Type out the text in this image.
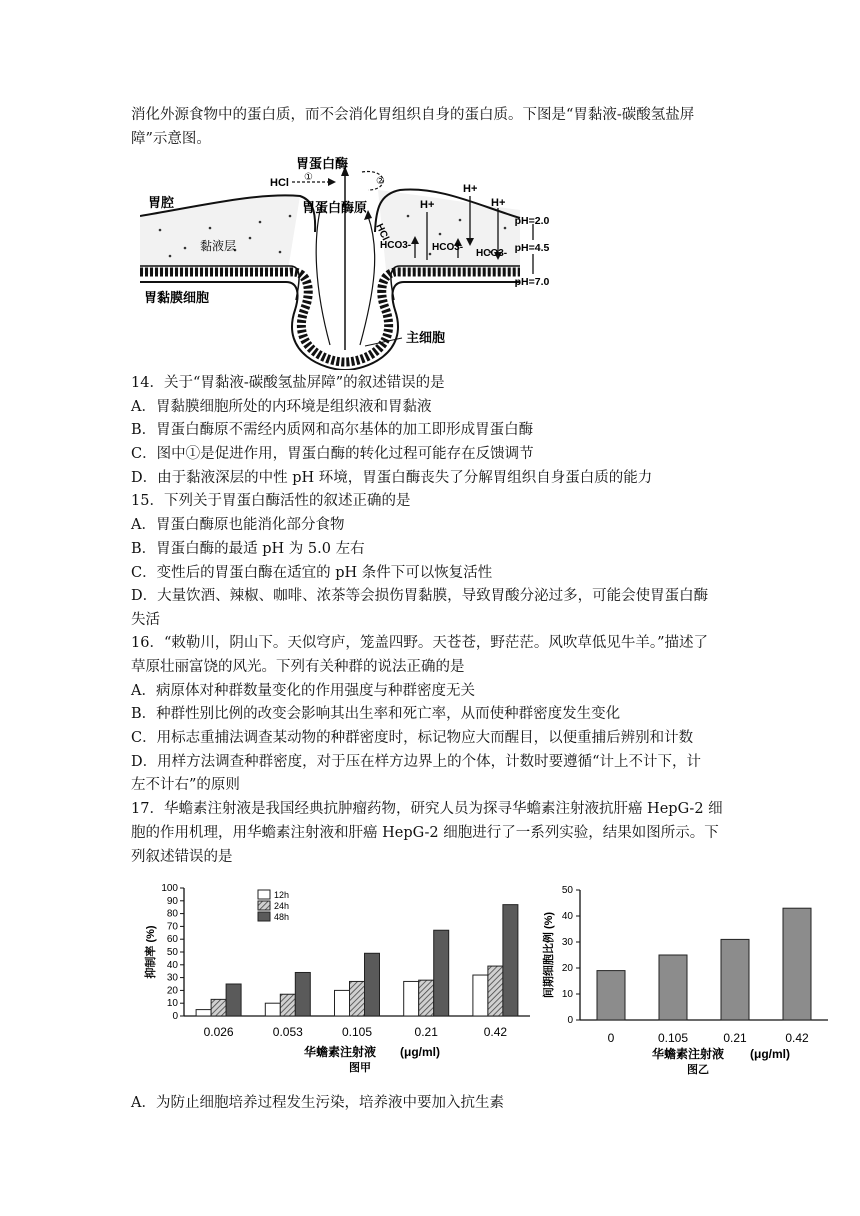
消化外源食物中的蛋白质，而不会消化胃组织自身的蛋白质。下图是“胃黏液-碳酸氢盐屏
障”示意图。
胃蛋白酶
HCl ①	②
胃蛋白酶原
胃腔
黏液层
胃黏膜细胞
主细胞
HCl
H+
H+
H+
HCO3- HCO3-
HCO3-
pH=2.0
pH=4.5
pH=7.0
14．关于“胃黏液-碳酸氢盐屏障”的叙述错误的是
A．胃黏膜细胞所处的内环境是组织液和胃黏液
B．胃蛋白酶原不需经内质网和高尔基体的加工即形成胃蛋白酶
C．图中①是促进作用，胃蛋白酶的转化过程可能存在反馈调节
D．由于黏液深层的中性 pH 环境，胃蛋白酶丧失了分解胃组织自身蛋白质的能力
15．下列关于胃蛋白酶活性的叙述正确的是
A．胃蛋白酶原也能消化部分食物
B．胃蛋白酶的最适 pH 为 5.0 左右
C．变性后的胃蛋白酶在适宜的 pH 条件下可以恢复活性
D．大量饮酒、辣椒、咖啡、浓茶等会损伤胃黏膜，导致胃酸分泌过多，可能会使胃蛋白酶
失活
16．“敕勒川，阴山下。天似穹庐，笼盖四野。天苍苍，野茫茫。风吹草低见牛羊。”描述了
草原壮丽富饶的风光。下列有关种群的说法正确的是
A．病原体对种群数量变化的作用强度与种群密度无关
B．种群性别比例的改变会影响其出生率和死亡率，从而使种群密度发生变化
C．用标志重捕法调查某动物的种群密度时，标记物应大而醒目，以便重捕后辨别和计数
D．用样方法调查种群密度，对于压在样方边界上的个体，计数时要遵循“计上不计下，计
左不计右”的原则
17．华蟾素注射液是我国经典抗肿瘤药物，研究人员为探寻华蟾素注射液抗肝癌 HepG-2 细
胞的作用机理，用华蟾素注射液和肝癌 HepG-2 细胞进行了一系列实验，结果如图所示。下
列叙述错误的是
0
10
20
30
40
50
60
70
80
90
100
0.026	0.053	0.105	0.21	0.42
12h
24h
48h
华蟾素注射液 (μg/ml)
图甲
抑制率 (%)
0
10
20
30
40
50
0	0.105	0.21	0.42
华蟾素注射液 (μg/ml)
图乙
间期细胞比例 (%)
A．为防止细胞培养过程发生污染，培养液中要加入抗生素
